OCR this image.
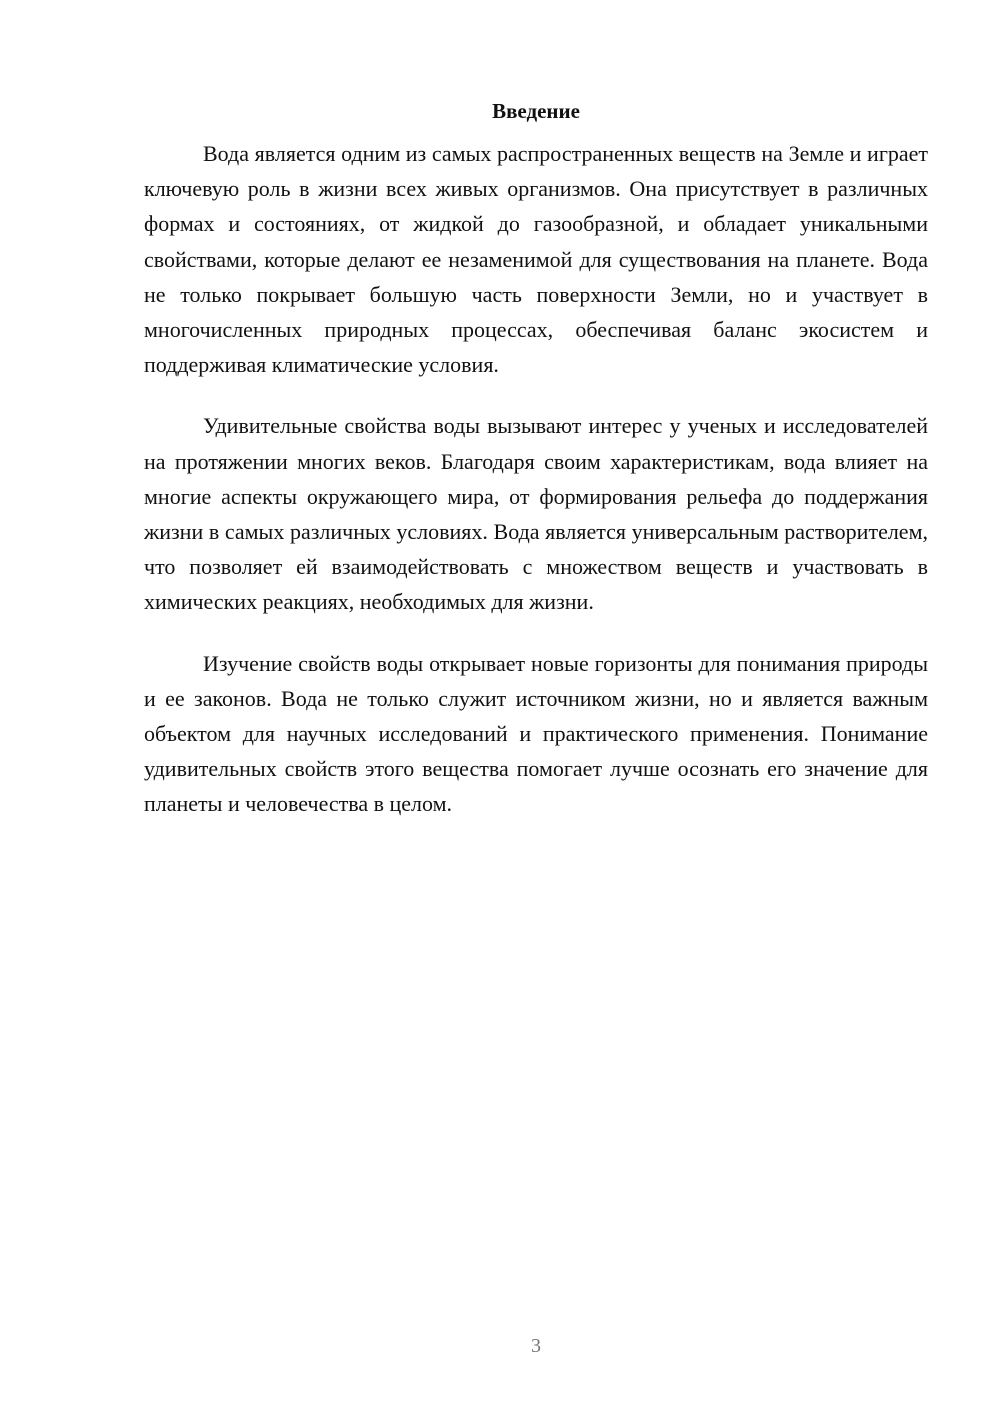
Введение

Вода является одним из самых распространенных веществ на Земле и играет ключевую роль в жизни всех живых организмов. Она присутствует в различных формах и состояниях, от жидкой до газообразной, и обладает уникальными свойствами, которые делают ее незаменимой для существования на планете. Вода не только покрывает большую часть поверхности Земли, но и участвует в многочисленных природных процессах, обеспечивая баланс экосистем и поддерживая климатические условия.

Удивительные свойства воды вызывают интерес у ученых и исследователей на протяжении многих веков. Благодаря своим характеристикам, вода влияет на многие аспекты окружающего мира, от формирования рельефа до поддержания жизни в самых различных условиях. Вода является универсальным растворителем, что позволяет ей взаимодействовать с множеством веществ и участвовать в химических реакциях, необходимых для жизни.

Изучение свойств воды открывает новые горизонты для понимания природы и ее законов. Вода не только служит источником жизни, но и является важным объектом для научных исследований и практического применения. Понимание удивительных свойств этого вещества помогает лучше осознать его значение для планеты и человечества в целом.

3
